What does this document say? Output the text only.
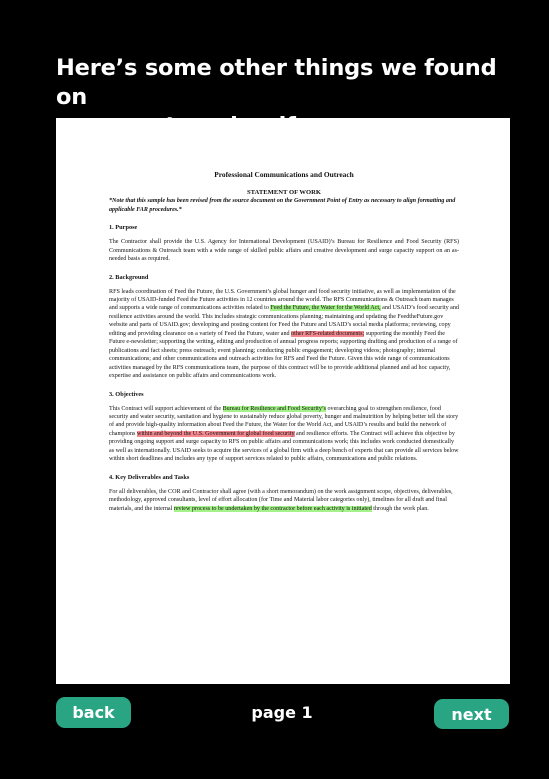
Here’s some other things we found on

Professional Communications and Outreach

STATEMENT OF WORK

*Note that this sample has been revised from the source document on the Government Point of Entry as necessary to align formatting and applicable FAR procedures.*

1. Purpose

The Contractor shall provide the U.S. Agency for International Development (USAID)’s Bureau for Resilience and Food Security (RFS) Communications & Outreach team with a wide range of skilled public affairs and creative development and surge capacity support on an as-needed basis as required.

2. Background

RFS leads coordination of Feed the Future, the U.S. Government’s global hunger and food security initiative, as well as implementation of the majority of USAID-funded Feed the Future activities in 12 countries around the world. The RFS Communications & Outreach team manages and supports a wide range of communications activities related to Feed the Future, the Water for the World Act, and USAID’s food security and resilience activities around the world. This includes strategic communications planning; maintaining and updating the FeedtheFuture.gov website and parts of USAID.gov; developing and posting content for Feed the Future and USAID’s social media platforms; reviewing, copy editing and providing clearance on a variety of Feed the Future, water and other RFS-related documents; supporting the monthly Feed the Future e-newsletter; supporting the writing, editing and production of annual progress reports; supporting drafting and production of a range of publications and fact sheets; press outreach; event planning; conducting public engagement; developing videos; photography; internal communications; and other communications and outreach activities for RFS and Feed the Future. Given this wide range of communications activities managed by the RFS communications team, the purpose of this contract will be to provide additional planned and ad hoc capacity, expertise and assistance on public affairs and communications work.

3. Objectives

This Contract will support achievement of the Bureau for Resilience and Food Security’s overarching goal to strengthen resilience, food security and water security, sanitation and hygiene to sustainably reduce global poverty, hunger and malnutrition by helping better tell the story of and provide high-quality information about Feed the Future, the Water for the World Act, and USAID’s results and build the network of champions within and beyond the U.S. Government for global food security and resilience efforts. The Contract will achieve this objective by providing ongoing support and surge capacity to RFS on public affairs and communications work; this includes work conducted domestically as well as internationally. USAID seeks to acquire the services of a global firm with a deep bench of experts that can provide all services below within short deadlines and includes any type of support services related to public affairs, communications and public relations.

4. Key Deliverables and Tasks

For all deliverables, the COR and Contractor shall agree (with a short memorandum) on the work assignment scope, objectives, deliverables, methodology, approved consultants, level of effort allocation (for Time and Material labor categories only), timelines for all draft and final materials, and the internal review process to be undertaken by the contractor before each activity is initiated through the work plan.

back	page 1	next
